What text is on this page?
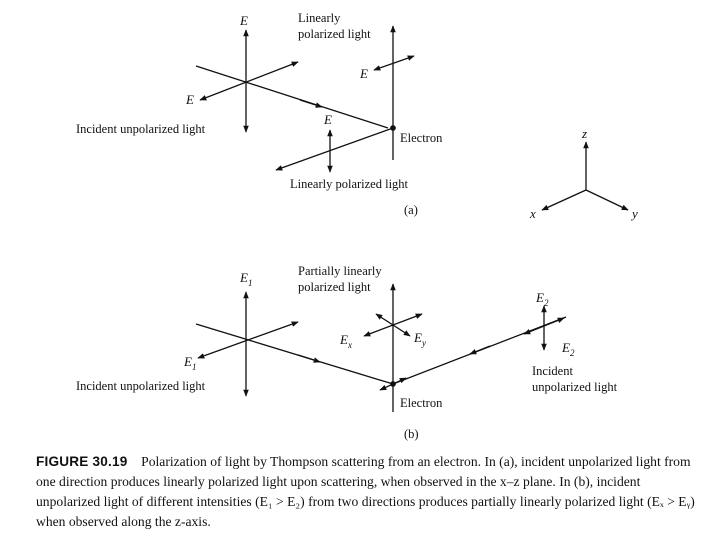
E	Linearly
polarized light
E
E
Incident unpolarized light
E
Electron
Linearly polarized light
(a)
z
x	y
$E_1$
Partially linearly
polarized light
$E_2$
$E_x$	$E_y$	$E_2$
$E_1$
Incident unpolarized light
Incident
unpolarized light
Electron
(b)
FIGURE 30.19 Polarization of light by Thompson scattering from an electron. In (a), incident unpolarized light from one direction produces linearly polarized light upon scattering, when observed in the x–z plane. In (b), incident unpolarized light of different intensities (E₁ > E₂) from two directions produces partially linearly polarized light (Eₓ > Eᵧ) when observed along the z-axis.
